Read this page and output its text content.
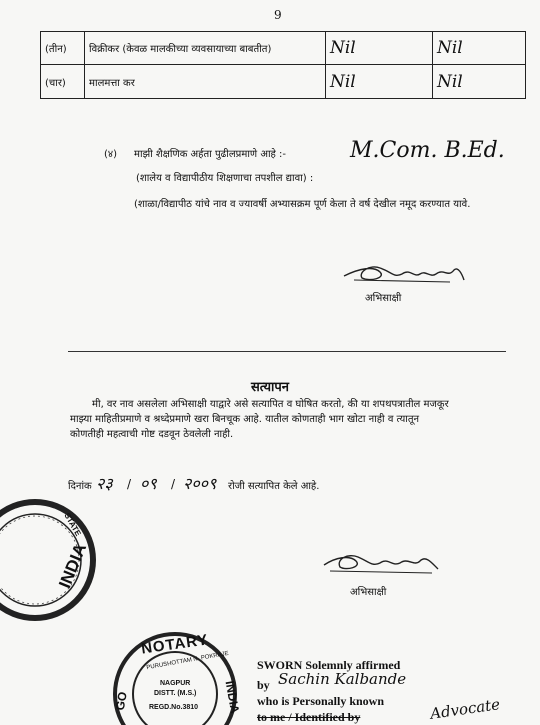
9
(तीन)	विक्रीकर (केवळ मालकीच्या व्यवसायाच्या बाबतीत)	Nil	Nil
(चार)	मालमत्ता कर	Nil	Nil
(४) माझी शैक्षणिक अर्हता पुढीलप्रमाणे आहे :-	M.Com. B.Ed.
(शालेय व विद्यापीठीय शिक्षणाचा तपशील द्यावा) :
(शाळा/विद्यापीठ यांचे नाव व ज्यावर्षी अभ्यासक्रम पूर्ण केला ते वर्ष देखील नमूद करण्यात यावे.
अभिसाक्षी
सत्यापन
मी, वर नाव असलेला अभिसाक्षी याद्वारे असे सत्यापित व घोषित करतो, की या शपथपत्रातील मजकूर
माझ्या माहितीप्रमाणे व श्रध्देप्रमाणे खरा बिनचूक आहे. यातील कोणताही भाग खोटा नाही व त्यातून
कोणतीही महत्वाची गोष्ट दडवून ठेवलेली नाही.
दिनांक २३ / ०९ / २००९ रोजी सत्यापित केले आहे.
INDIA
STATE
अभिसाक्षी
NOTARY
PURUSHOTTAM N. POKRAJE
NAGPUR
DISTT. (M.S.)
REGD.No.3810
GO	INDIA
SWORN Solemnly affirmed
by Sachin Kalbande
who is Personally known
to me / Identified by	Advocate
